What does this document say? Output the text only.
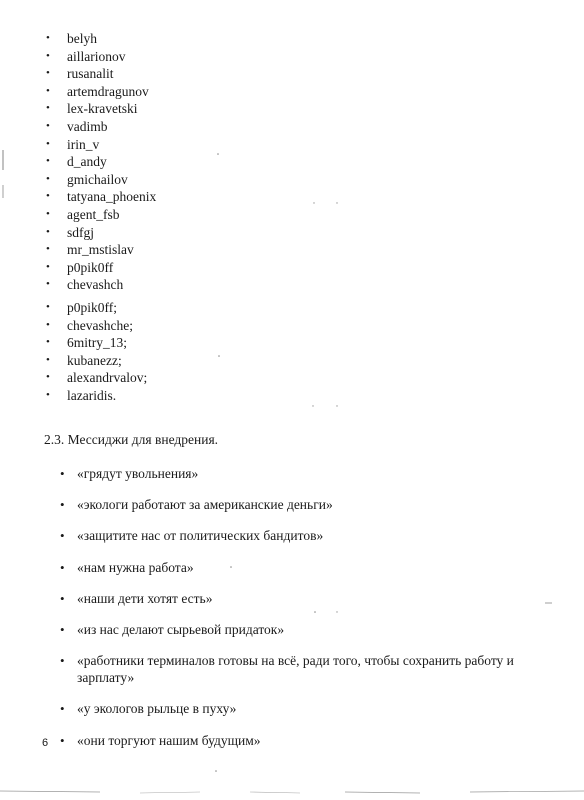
• belyh
• aillarionov
• rusanalit
• artemdragunov
• lex-kravetski
• vadimb
• irin_v
• d_andy
• gmichailov
• tatyana_phoenix
• agent_fsb
• sdfgj
• mr_mstislav
• p0pik0ff
• chevashch
• p0pik0ff;
• chevashche;
• 6mitry_13;
• kubanezz;
• alexandrvalov;
• lazaridis.
2.3. Мессиджи для внедрения.
• «грядут увольнения»
• «экологи работают за американские деньги»
• «защитите нас от политических бандитов»
• «нам нужна работа»
• «наши дети хотят есть»
• «из нас делают сырьевой придаток»
• «работники терминалов готовы на всё, ради того, чтобы сохранить работу и зарплату»
• «у экологов рыльце в пуху»
• «они торгуют нашим будущим»
6
